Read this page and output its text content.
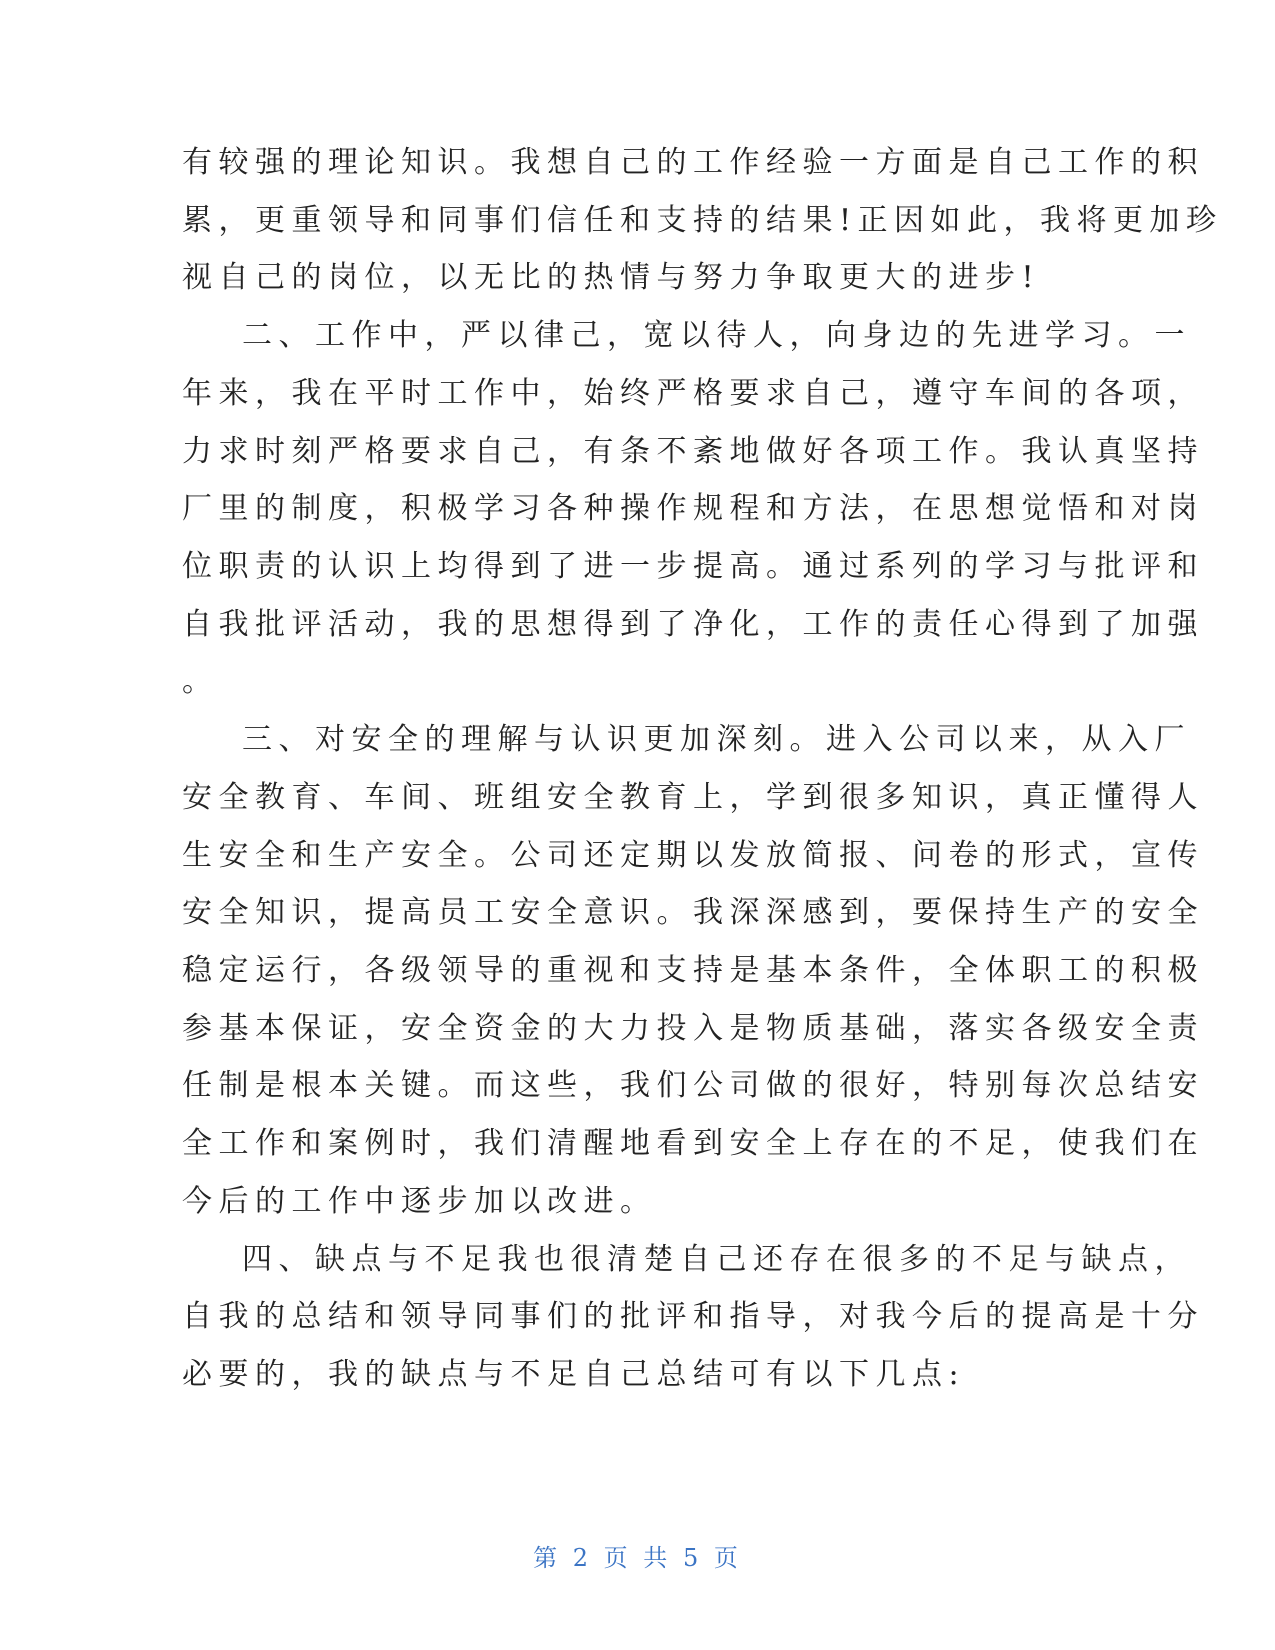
有较强的理论知识。我想自己的工作经验一方面是自己工作的积
累，更重领导和同事们信任和支持的结果!正因如此，我将更加珍
视自己的岗位，以无比的热情与努力争取更大的进步!
二、工作中，严以律己，宽以待人，向身边的先进学习。一
年来，我在平时工作中，始终严格要求自己，遵守车间的各项，
力求时刻严格要求自己，有条不紊地做好各项工作。我认真坚持
厂里的制度，积极学习各种操作规程和方法，在思想觉悟和对岗
位职责的认识上均得到了进一步提高。通过系列的学习与批评和
自我批评活动，我的思想得到了净化，工作的责任心得到了加强
。
三、对安全的理解与认识更加深刻。进入公司以来，从入厂
安全教育、车间、班组安全教育上，学到很多知识，真正懂得人
生安全和生产安全。公司还定期以发放简报、问卷的形式，宣传
安全知识，提高员工安全意识。我深深感到，要保持生产的安全
稳定运行，各级领导的重视和支持是基本条件，全体职工的积极
参基本保证，安全资金的大力投入是物质基础，落实各级安全责
任制是根本关键。而这些，我们公司做的很好，特别每次总结安
全工作和案例时，我们清醒地看到安全上存在的不足，使我们在
今后的工作中逐步加以改进。
四、缺点与不足我也很清楚自己还存在很多的不足与缺点，
自我的总结和领导同事们的批评和指导，对我今后的提高是十分
必要的，我的缺点与不足自己总结可有以下几点:
第 2 页 共 5 页
